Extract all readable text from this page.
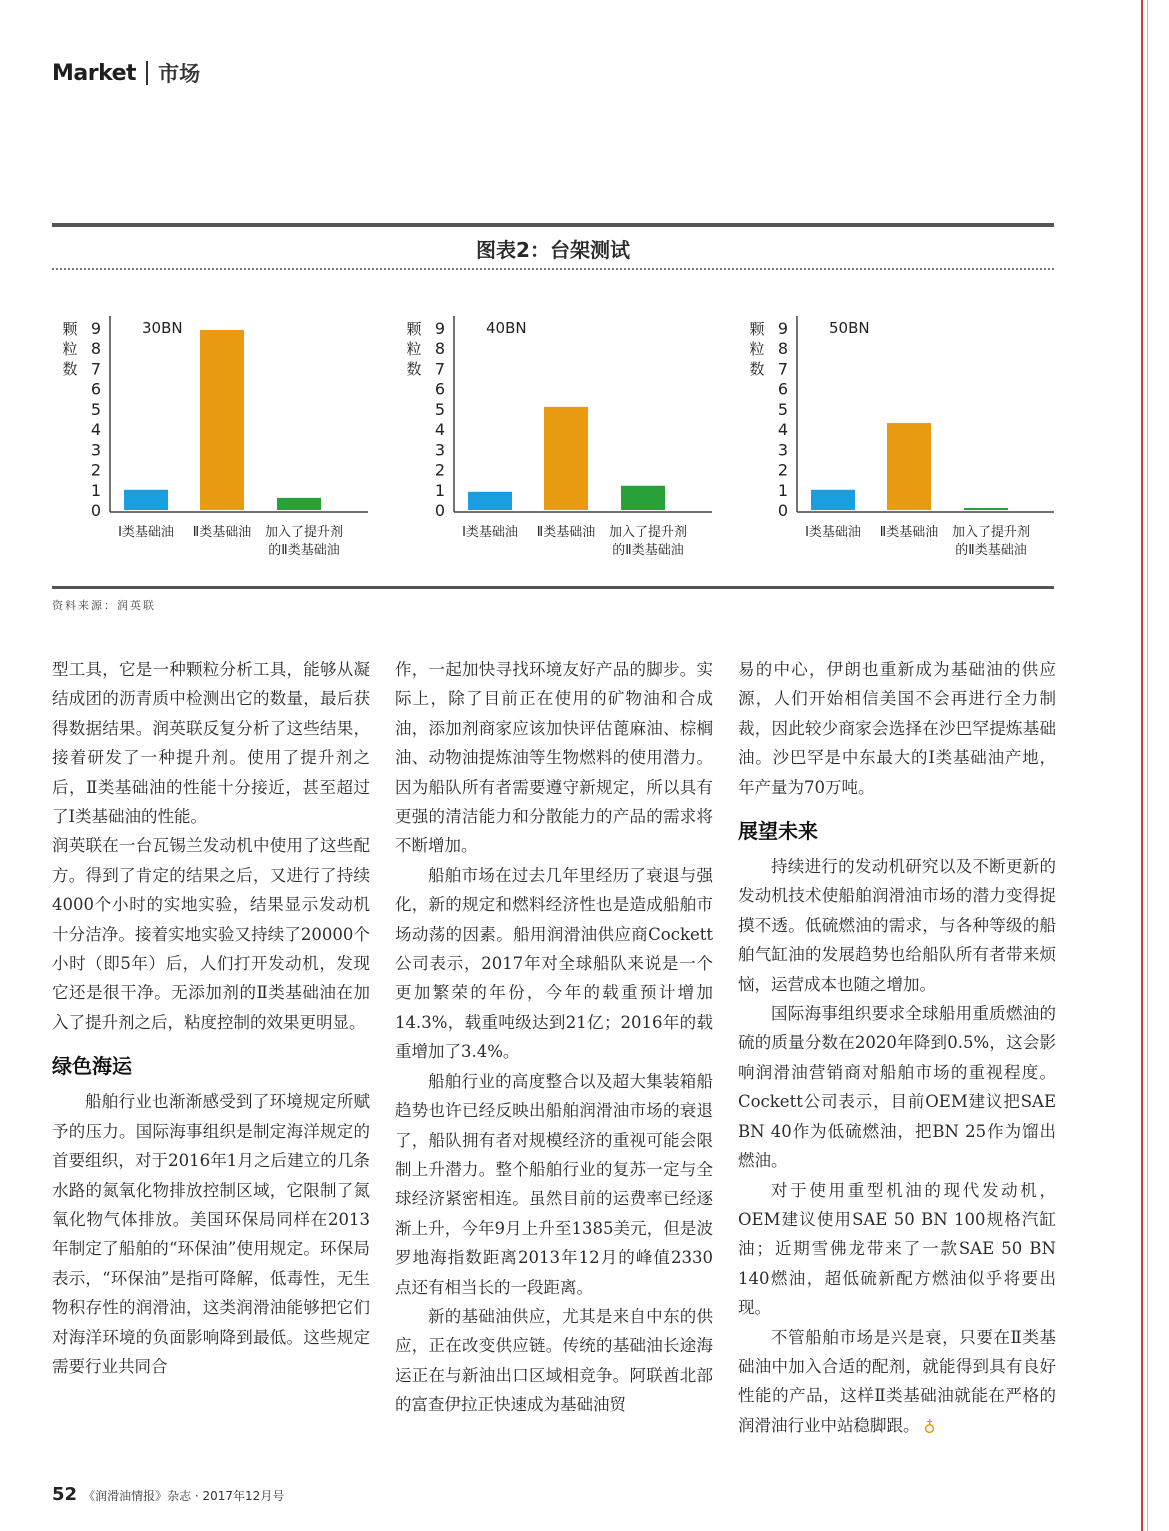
Market 市场
图表2：台架测试
颗
粒
数
0
1
2
3
4
5
6
7
8
9	30BN
Ⅰ类基础油 Ⅱ类基础油 加入了提升剂
的Ⅱ类基础油
颗
粒
数
0
1
2
3
4
5
6
7
8
9	40BN
Ⅰ类基础油 Ⅱ类基础油 加入了提升剂
的Ⅱ类基础油
颗
粒
数
0
1
2
3
4
5
6
7
8
9	50BN
Ⅰ类基础油 Ⅱ类基础油 加入了提升剂
的Ⅱ类基础油
资料来源：润英联

型工具，它是一种颗粒分析工具，能够从凝结成团的沥青质中检测出它的数量，最后获得数据结果。润英联反复分析了这些结果，接着研发了一种提升剂。使用了提升剂之后，Ⅱ类基础油的性能十分接近，甚至超过了Ⅰ类基础油的性能。

润英联在一台瓦锡兰发动机中使用了这些配方。得到了肯定的结果之后，又进行了持续4000个小时的实地实验，结果显示发动机十分洁净。接着实地实验又持续了20000个小时（即5年）后，人们打开发动机，发现它还是很干净。无添加剂的Ⅱ类基础油在加入了提升剂之后，粘度控制的效果更明显。

绿色海运

船舶行业也渐渐感受到了环境规定所赋予的压力。国际海事组织是制定海洋规定的首要组织，对于2016年1月之后建立的几条水路的氮氧化物排放控制区域，它限制了氮氧化物气体排放。美国环保局同样在2013年制定了船舶的“环保油”使用规定。环保局表示，“环保油”是指可降解，低毒性，无生物积存性的润滑油，这类润滑油能够把它们对海洋环境的负面影响降到最低。这些规定需要行业共同合

作，一起加快寻找环境友好产品的脚步。实际上，除了目前正在使用的矿物油和合成油，添加剂商家应该加快评估蓖麻油、棕榈油、动物油提炼油等生物燃料的使用潜力。因为船队所有者需要遵守新规定，所以具有更强的清洁能力和分散能力的产品的需求将不断增加。

船舶市场在过去几年里经历了衰退与强化，新的规定和燃料经济性也是造成船舶市场动荡的因素。船用润滑油供应商Cockett公司表示，2017年对全球船队来说是一个更加繁荣的年份，今年的载重预计增加14.3%，载重吨级达到21亿；2016年的载重增加了3.4%。

船舶行业的高度整合以及超大集装箱船趋势也许已经反映出船舶润滑油市场的衰退了，船队拥有者对规模经济的重视可能会限制上升潜力。整个船舶行业的复苏一定与全球经济紧密相连。虽然目前的运费率已经逐渐上升，今年9月上升至1385美元，但是波罗地海指数距离2013年12月的峰值2330点还有相当长的一段距离。

新的基础油供应，尤其是来自中东的供应，正在改变供应链。传统的基础油长途海运正在与新油出口区域相竞争。阿联酋北部的富查伊拉正快速成为基础油贸

易的中心，伊朗也重新成为基础油的供应源，人们开始相信美国不会再进行全力制裁，因此较少商家会选择在沙巴罕提炼基础油。沙巴罕是中东最大的Ⅰ类基础油产地，年产量为70万吨。

展望未来

持续进行的发动机研究以及不断更新的发动机技术使船舶润滑油市场的潜力变得捉摸不透。低硫燃油的需求，与各种等级的船舶气缸油的发展趋势也给船队所有者带来烦恼，运营成本也随之增加。

国际海事组织要求全球船用重质燃油的硫的质量分数在2020年降到0.5%，这会影响润滑油营销商对船舶市场的重视程度。Cockett公司表示，目前OEM建议把SAE BN 40作为低硫燃油，把BN 25作为馏出燃油。

对于使用重型机油的现代发动机，OEM建议使用SAE 50 BN 100规格汽缸油；近期雪佛龙带来了一款SAE 50 BN 140燃油，超低硫新配方燃油似乎将要出现。

不管船舶市场是兴是衰，只要在Ⅱ类基础油中加入合适的配剂，就能得到具有良好性能的产品，这样Ⅱ类基础油就能在严格的润滑油行业中站稳脚跟。 ♁

52 《润滑油情报》杂志 · 2017年12月号
